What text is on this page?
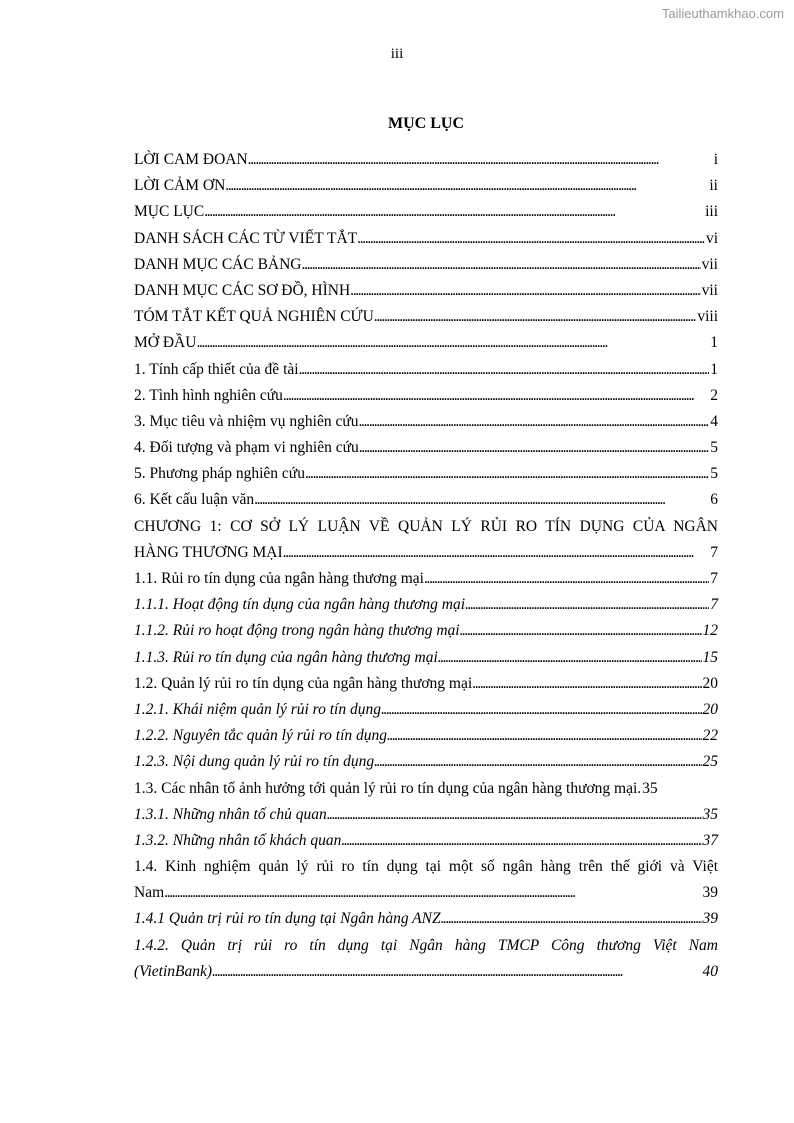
Tailieuthamkhao.com
iii
MỤC LỤC
LỜI CAM ĐOAN . . .	i
LỜI CẢM ƠN . . .	ii
MỤC LỤC . . .	iii
DANH SÁCH CÁC TỪ VIẾT TẮT . . .	vi
DANH MỤC CÁC BẢNG . . .	vii
DANH MỤC CÁC SƠ ĐỒ, HÌNH . . .	vii
TÓM TẮT KẾT QUẢ NGHIÊN CỨU . . .	viii
MỞ ĐẦU . . .	1
1. Tính cấp thiết của đề tài . . .	1
2. Tình hình nghiên cứu . . .	2
3. Mục tiêu và nhiệm vụ nghiên cứu . . .	4
4. Đối tượng và phạm vi nghiên cứu . . .	5
5. Phương pháp nghiên cứu . . .	5
6. Kết cấu luận văn . . .	6
CHƯƠNG 1: CƠ SỞ LÝ LUẬN VỀ QUẢN LÝ RỦI RO TÍN DỤNG CỦA NGÂN
HÀNG THƯƠNG MẠI . . .	7
1.1. Rủi ro tín dụng của ngân hàng thương mại . . .	7
1.1.1. Hoạt động tín dụng của ngân hàng thương mại . . .	7
1.1.2. Rủi ro hoạt động trong ngân hàng thương mại . . .	12
1.1.3. Rủi ro tín dụng của ngân hàng thương mại . . .	15
1.2. Quản lý rủi ro tín dụng của ngân hàng thương mại . . .	20
1.2.1. Khái niệm quản lý rủi ro tín dụng . . .	20
1.2.2. Nguyên tắc quản lý rủi ro tín dụng . . .	22
1.2.3. Nội dung quản lý rủi ro tín dụng . . .	25
1.3. Các nhân tố ảnh hưởng tới quản lý rủi ro tín dụng của ngân hàng thương mại. 35
1.3.1. Những nhân tố chủ quan . . .	35
1.3.2. Những nhân tố khách quan . . .	37
1.4. Kinh nghiệm quản lý rủi ro tín dụng tại một số ngân hàng trên thế giới và Việt
Nam . . .	39
1.4.1 Quản trị rủi ro tín dụng tại Ngân hàng ANZ . . .	39
1.4.2. Quản trị rủi ro tín dụng tại Ngân hàng TMCP Công thương Việt Nam
(VietinBank) . . .	40
